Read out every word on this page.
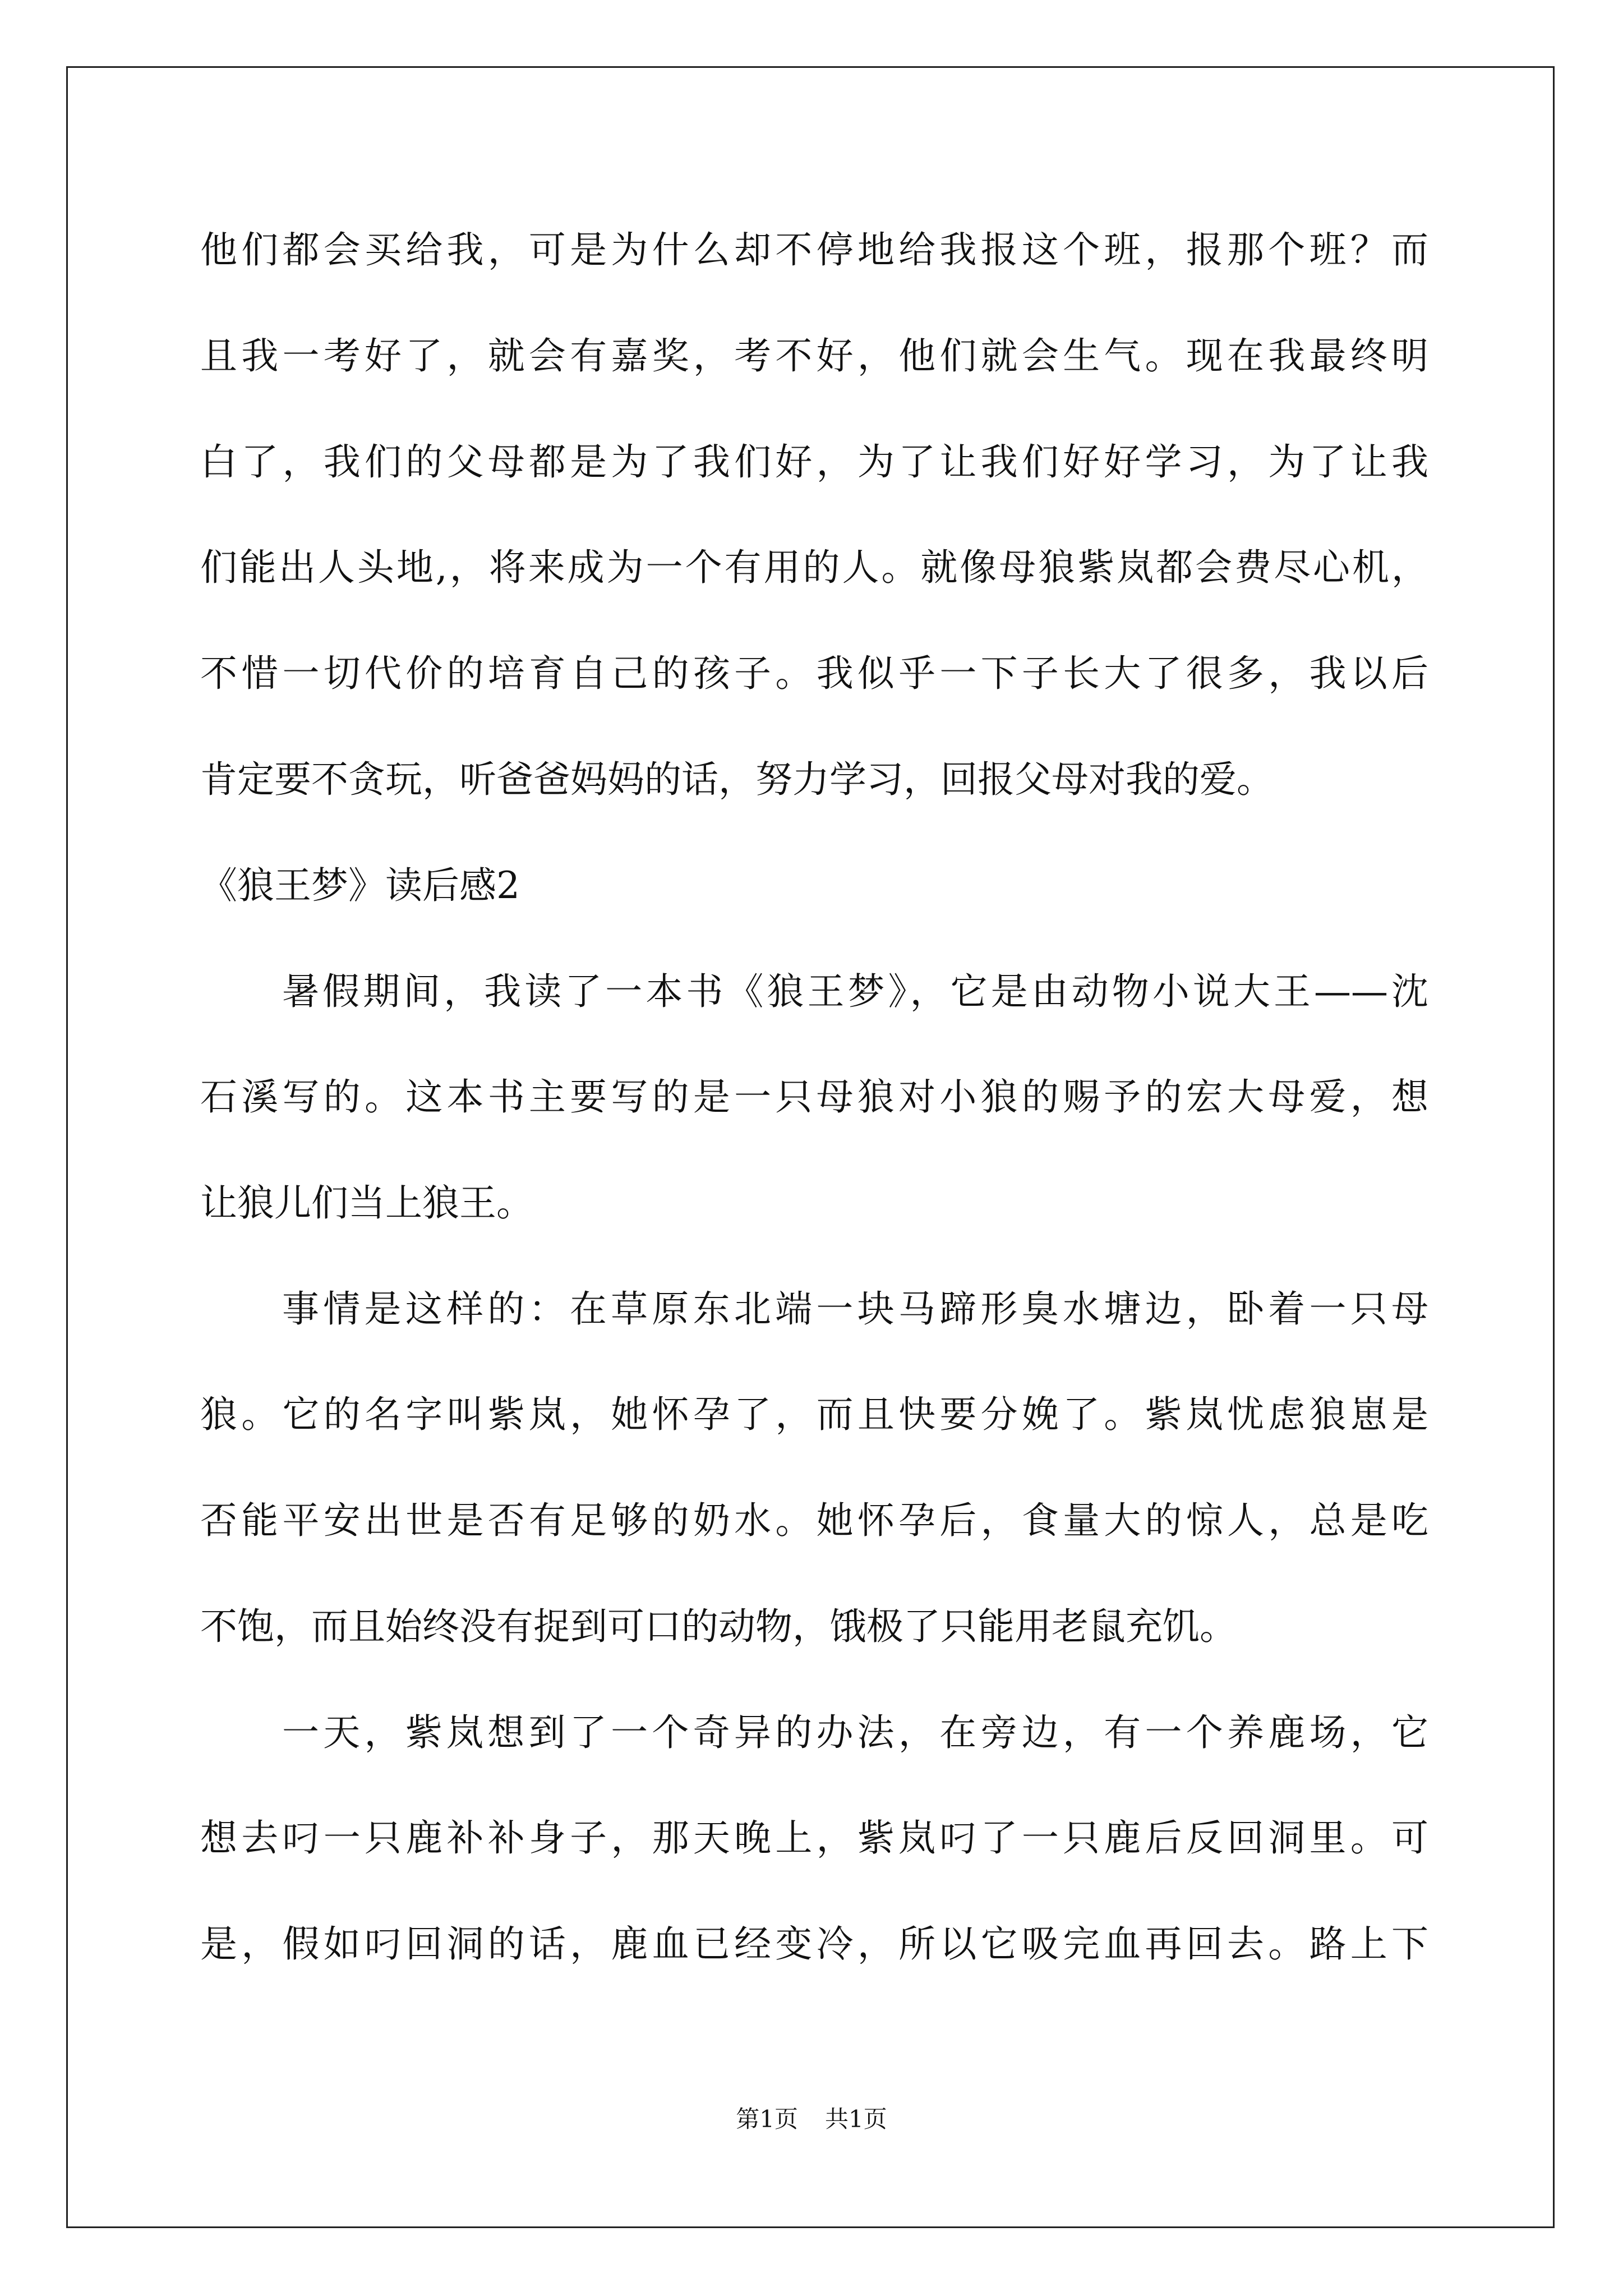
他们都会买给我，可是为什么却不停地给我报这个班，报那个班？而
且我一考好了，就会有嘉奖，考不好，他们就会生气。现在我最终明
白了，我们的父母都是为了我们好，为了让我们好好学习，为了让我
们能出人头地,，将来成为一个有用的人。就像母狼紫岚都会费尽心机，
不惜一切代价的培育自己的孩子。我似乎一下子长大了很多，我以后
肯定要不贪玩，听爸爸妈妈的话，努力学习，回报父母对我的爱。
《狼王梦》读后感2
暑假期间，我读了一本书《狼王梦》，它是由动物小说大王——沈
石溪写的。这本书主要写的是一只母狼对小狼的赐予的宏大母爱，想
让狼儿们当上狼王。
事情是这样的：在草原东北端一块马蹄形臭水塘边，卧着一只母
狼。它的名字叫紫岚，她怀孕了，而且快要分娩了。紫岚忧虑狼崽是
否能平安出世是否有足够的奶水。她怀孕后，食量大的惊人，总是吃
不饱，而且始终没有捉到可口的动物，饿极了只能用老鼠充饥。
一天，紫岚想到了一个奇异的办法，在旁边，有一个养鹿场，它
想去叼一只鹿补补身子，那天晚上，紫岚叼了一只鹿后反回洞里。可
是，假如叼回洞的话，鹿血已经变冷，所以它吸完血再回去。路上下
第1页 共1页
